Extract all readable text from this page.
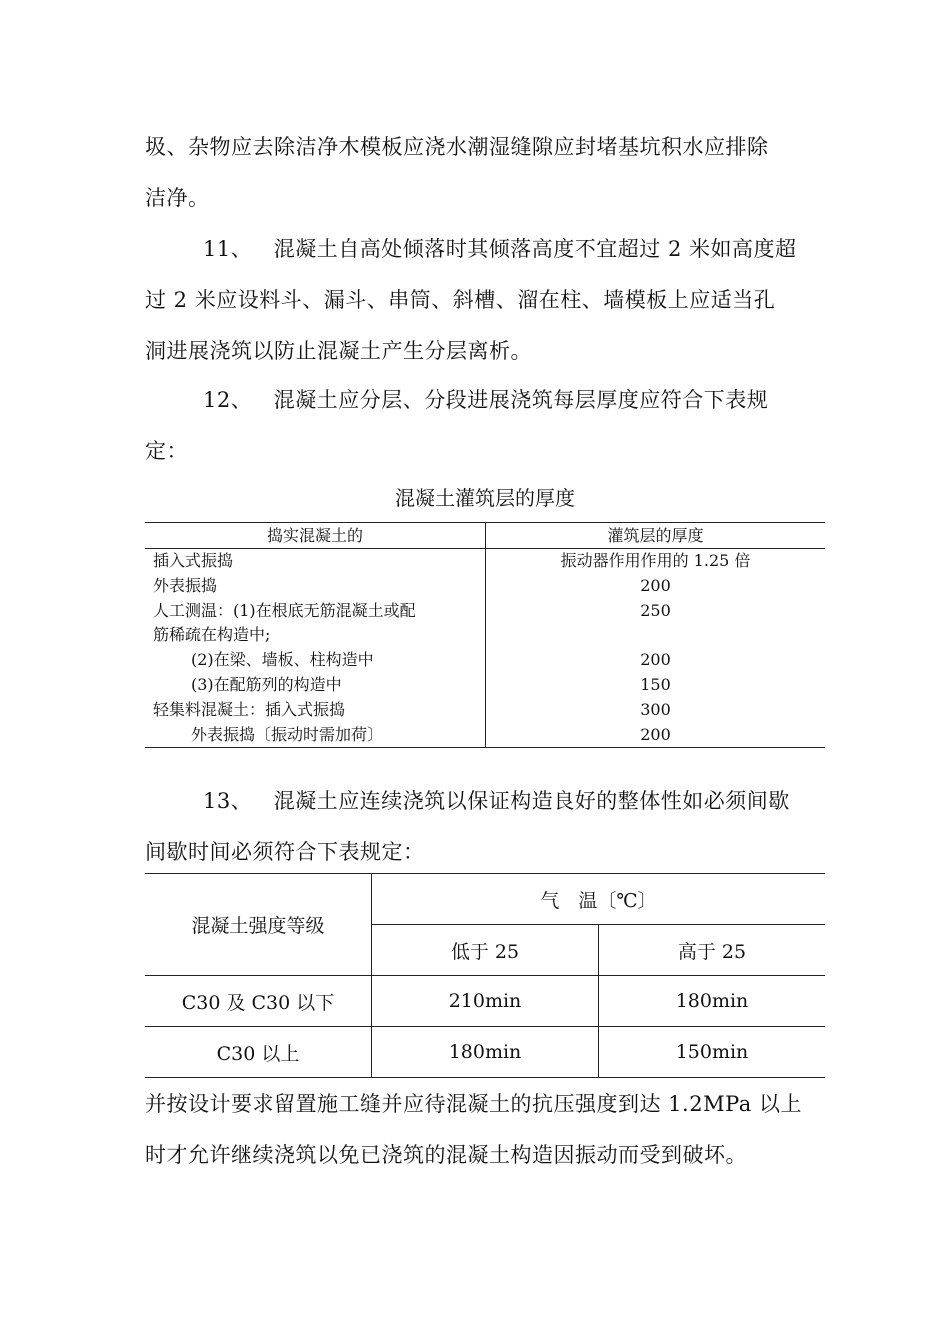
圾、杂物应去除洁净木模板应浇水潮湿缝隙应封堵基坑积水应排除
洁净。
11、 混凝土自高处倾落时其倾落高度不宜超过 2 米如高度超
过 2 米应设料斗、漏斗、串筒、斜槽、溜在柱、墙模板上应适当孔
洞进展浇筑以防止混凝土产生分层离析。
12、 混凝土应分层、分段进展浇筑每层厚度应符合下表规
定：
混凝土灌筑层的厚度
捣实混凝土的	灌筑层的厚度
插入式振捣	振动器作用作用的 1.25 倍
外表振捣	200
人工测温：(1)在根底无筋混凝土或配	250
筋稀疏在构造中;	
(2)在梁、墙板、柱构造中	200
(3)在配筋列的构造中	150
轻集料混凝土：插入式振捣	300
外表振捣〔振动时需加荷〕	200
13、 混凝土应连续浇筑以保证构造良好的整体性如必须间歇
间歇时间必须符合下表规定：
混凝土强度等级	气　温〔℃〕	
	低于 25	高于 25
C30 及 C30 以下	210min	180min
C30 以上	180min	150min
并按设计要求留置施工缝并应待混凝土的抗压强度到达 1.2MPa 以上
时才允许继续浇筑以免已浇筑的混凝土构造因振动而受到破坏。
